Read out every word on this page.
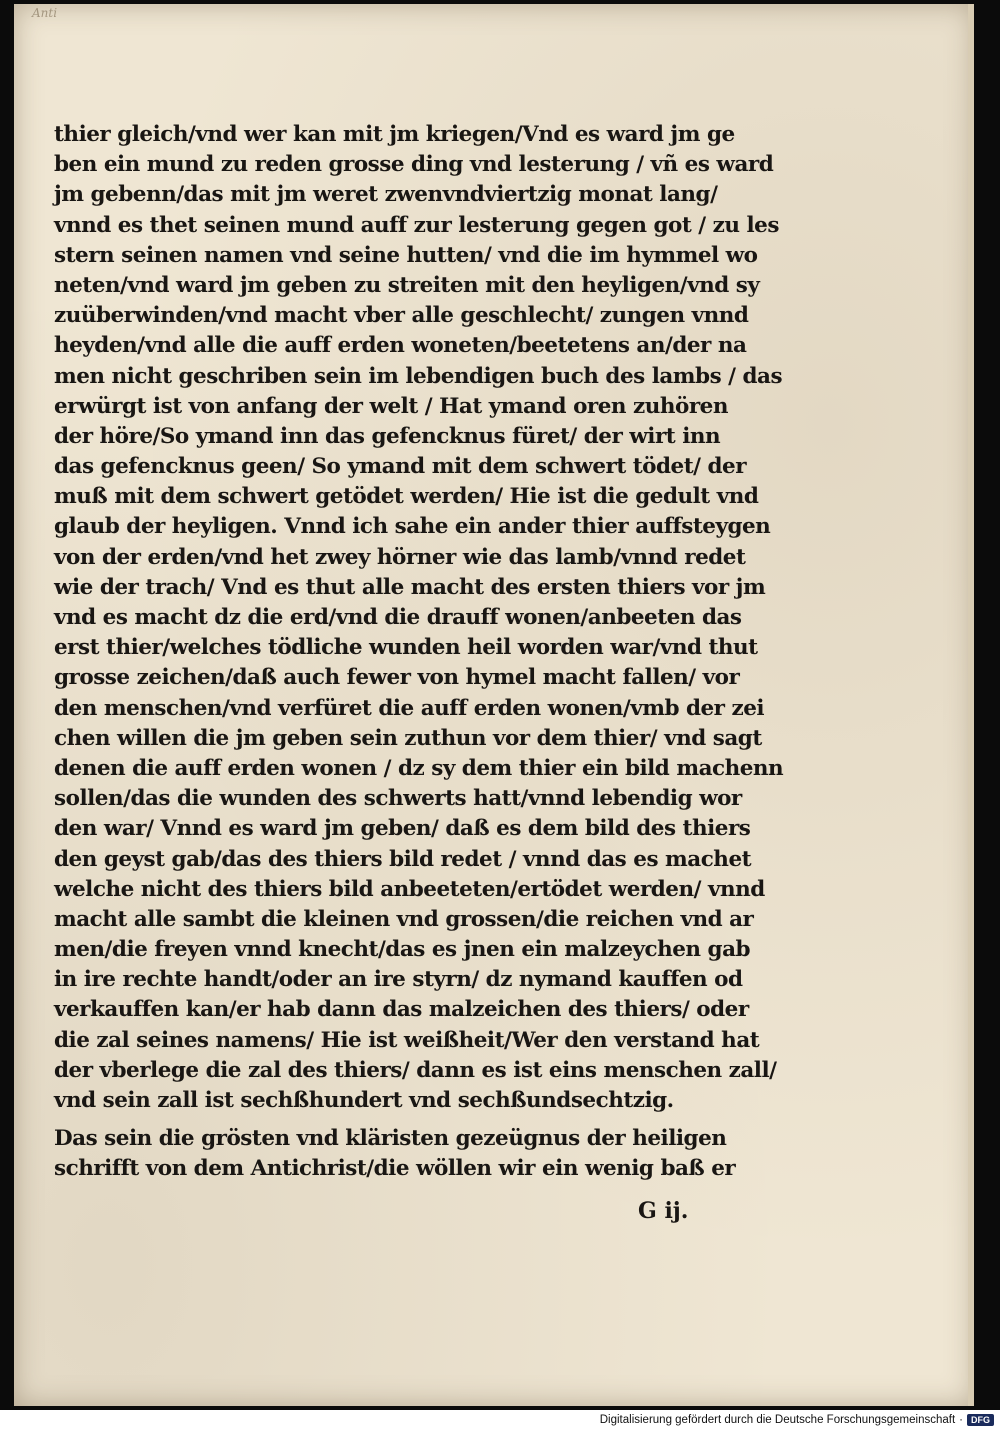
Anti

thier gleich/vnd wer kan mit jm kriegen/Vnd es ward jm ge

ben ein mund zu reden grosse ding vnd lesterung / vñ es ward

jm gebenn/das mit jm weret zwenvndviertzig monat lang/

vnnd es thet seinen mund auff zur lesterung gegen got / zu les

stern seinen namen vnd seine hutten/ vnd die im hymmel wo

neten/vnd ward jm geben zu streiten mit den heyligen/vnd sy

zuüberwinden/vnd macht vber alle geschlecht/ zungen vnnd

heyden/vnd alle die auff erden woneten/beetetens an/der na

men nicht geschriben sein im lebendigen buch des lambs / das

erwürgt ist von anfang der welt / Hat ymand oren zuhören

der höre/So ymand inn das gefencknus füret/ der wirt inn

das gefencknus geen/ So ymand mit dem schwert tödet/ der

muß mit dem schwert getödet werden/ Hie ist die gedult vnd

glaub der heyligen. Vnnd ich sahe ein ander thier auffsteygen

von der erden/vnd het zwey hörner wie das lamb/vnnd redet

wie der trach/ Vnd es thut alle macht des ersten thiers vor jm

vnd es macht dz die erd/vnd die drauff wonen/anbeeten das

erst thier/welches tödliche wunden heil worden war/vnd thut

grosse zeichen/daß auch fewer von hymel macht fallen/ vor

den menschen/vnd verfüret die auff erden wonen/vmb der zei

chen willen die jm geben sein zuthun vor dem thier/ vnd sagt

denen die auff erden wonen / dz sy dem thier ein bild machenn

sollen/das die wunden des schwerts hatt/vnnd lebendig wor

den war/ Vnnd es ward jm geben/ daß es dem bild des thiers

den geyst gab/das des thiers bild redet / vnnd das es machet

welche nicht des thiers bild anbeeteten/ertödet werden/ vnnd

macht alle sambt die kleinen vnd grossen/die reichen vnd ar

men/die freyen vnnd knecht/das es jnen ein malzeychen gab

in ire rechte handt/oder an ire styrn/ dz nymand kauffen od

verkauffen kan/er hab dann das malzeichen des thiers/ oder

die zal seines namens/ Hie ist weißheit/Wer den verstand hat

der vberlege die zal des thiers/ dann es ist eins menschen zall/

vnd sein zall ist sechßhundert vnd sechßundsechtzig.

Das sein die grösten vnd kläristen gezeügnus der heiligen

schrifft von dem Antichrist/die wöllen wir ein wenig baß er

G ij.
Digitalisierung gefördert durch die Deutsche Forschungsgemeinschaft · DFG
